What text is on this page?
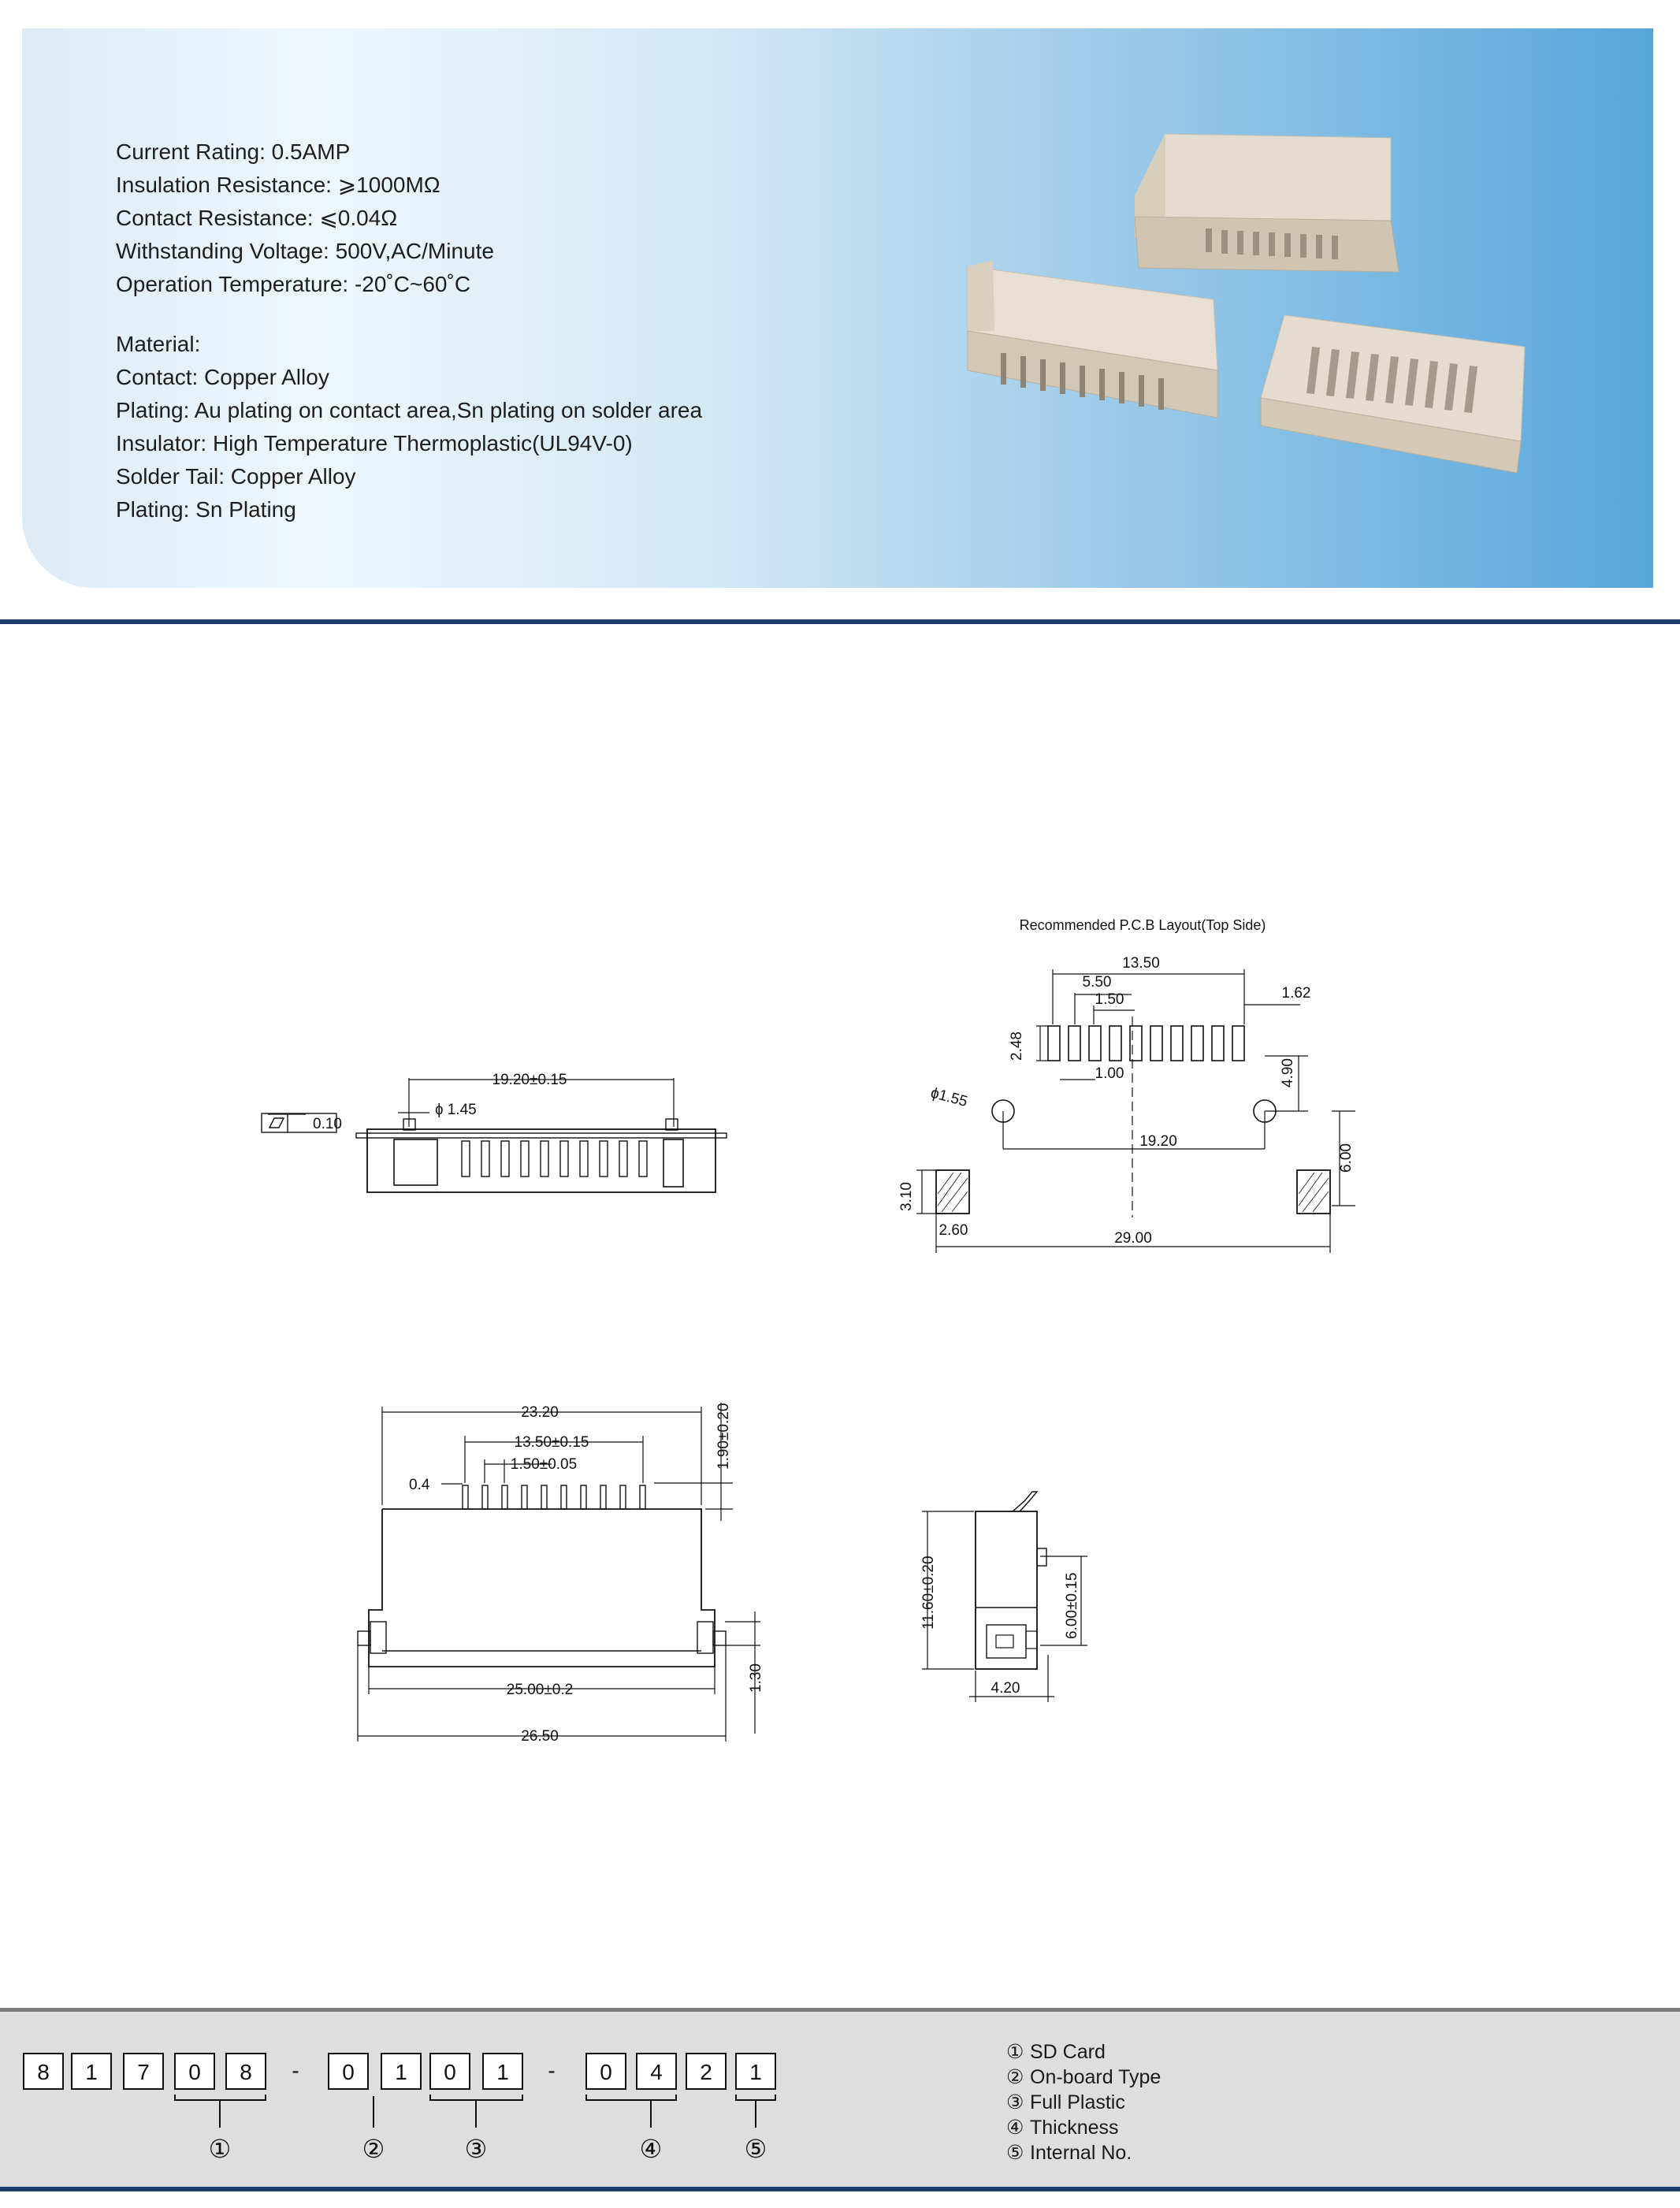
Current Rating: 0.5AMP
Insulation Resistance: ⩾1000MΩ
Contact Resistance: ⩽0.04Ω
Withstanding Voltage: 500V,AC/Minute
Operation Temperature: -20˚C~60˚C
Material:
Contact: Copper Alloy
Plating: Au plating on contact area,Sn plating on solder area
Insulator: High Temperature Thermoplastic(UL94V-0)
Solder Tail: Copper Alloy
Plating: Sn Plating
Recommended P.C.B Layout(Top Side)
13.50
5.50
1.50	1.62
1.00
19.20
29.00
2.60
ɸ1.55
2.48
4.90
6.00
3.10
0.10
19.20±0.15
ɸ 1.45
23.20
13.50±0.15
1.50±0.05
0.4
25.00±0.2
26.50
1.90±0.20
1.30
11.60±0.20	6.00±0.15
4.20
8 1 7 0 8 - 0 1 0 1 - 0 4 2 1
①	②	③	④	⑤
① SD Card
② On-board Type
③ Full Plastic
④ Thickness
⑤ Internal No.
